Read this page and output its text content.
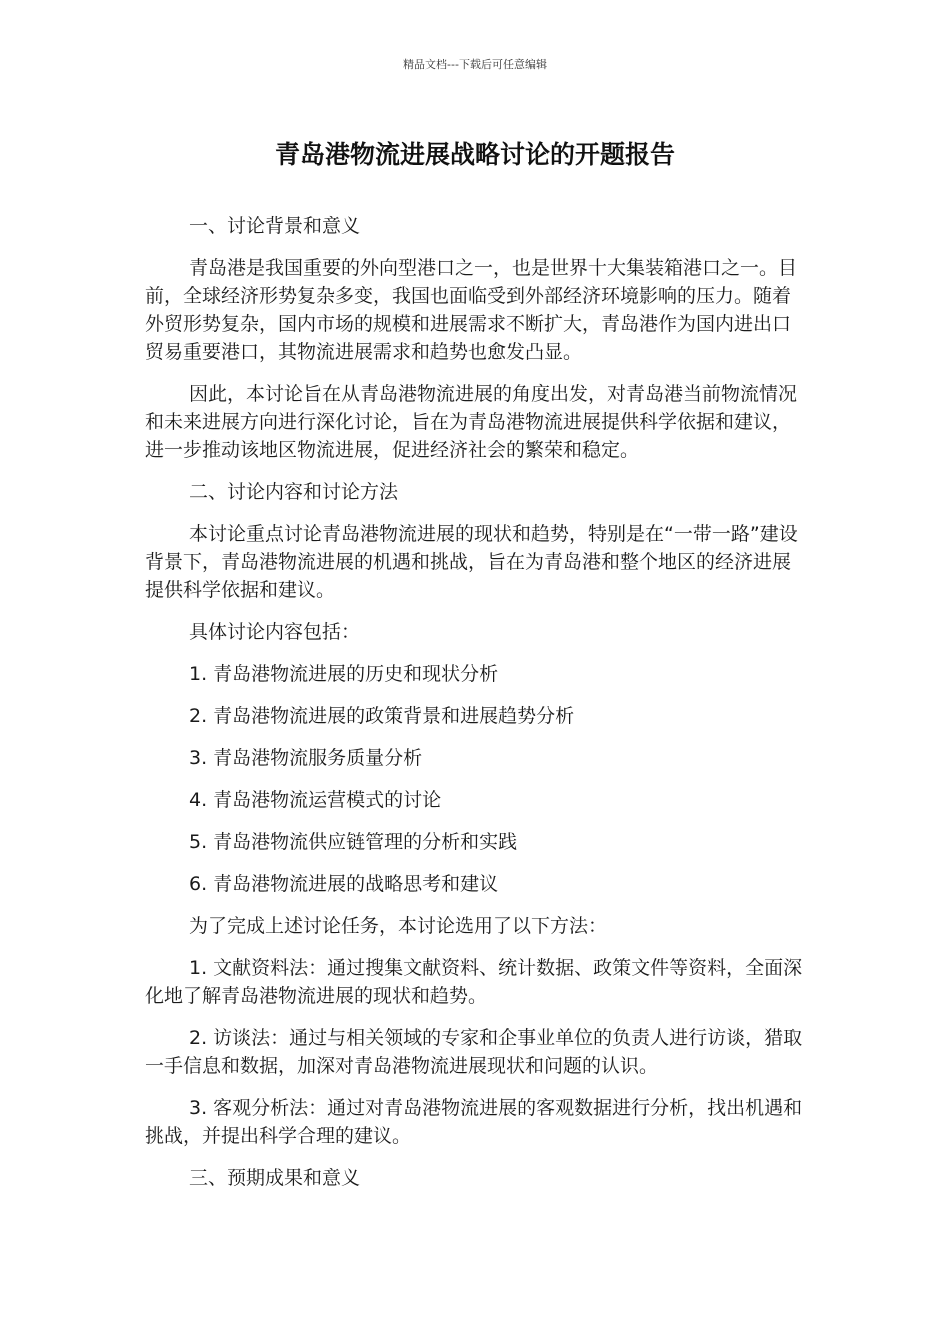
精品文档---下载后可任意编辑
青岛港物流进展战略讨论的开题报告
一、讨论背景和意义

青岛港是我国重要的外向型港口之一，也是世界十大集装箱港口之一。目前，全球经济形势复杂多变，我国也面临受到外部经济环境影响的压力。随着外贸形势复杂，国内市场的规模和进展需求不断扩大，青岛港作为国内进出口贸易重要港口，其物流进展需求和趋势也愈发凸显。

因此，本讨论旨在从青岛港物流进展的角度出发，对青岛港当前物流情况和未来进展方向进行深化讨论，旨在为青岛港物流进展提供科学依据和建议，进一步推动该地区物流进展，促进经济社会的繁荣和稳定。

二、讨论内容和讨论方法

本讨论重点讨论青岛港物流进展的现状和趋势，特别是在“一带一路”建设背景下，青岛港物流进展的机遇和挑战，旨在为青岛港和整个地区的经济进展提供科学依据和建议。

具体讨论内容包括：

1. 青岛港物流进展的历史和现状分析
2. 青岛港物流进展的政策背景和进展趋势分析
3. 青岛港物流服务质量分析
4. 青岛港物流运营模式的讨论
5. 青岛港物流供应链管理的分析和实践
6. 青岛港物流进展的战略思考和建议

为了完成上述讨论任务，本讨论选用了以下方法：

1. 文献资料法：通过搜集文献资料、统计数据、政策文件等资料，全面深化地了解青岛港物流进展的现状和趋势。

2. 访谈法：通过与相关领域的专家和企事业单位的负责人进行访谈，猎取一手信息和数据，加深对青岛港物流进展现状和问题的认识。

3. 客观分析法：通过对青岛港物流进展的客观数据进行分析，找出机遇和挑战，并提出科学合理的建议。

三、预期成果和意义
